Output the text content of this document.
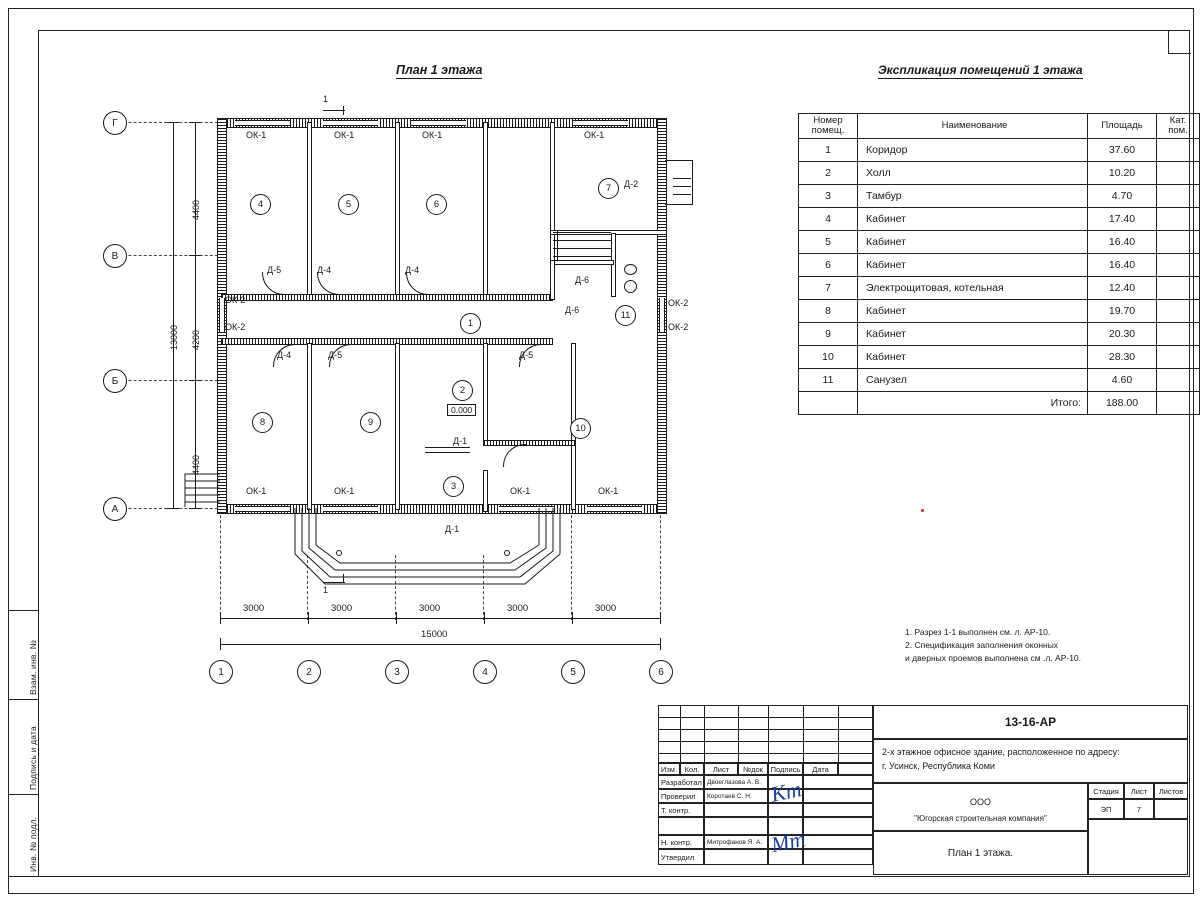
Взам. инв. №
Подпись и дата
Инв. № подл.
План 1 этажа	Экспликация помещений 1 этажа
Номер
помещ.	Наименование	Площадь	Кат.
пом.
1	Коридор	37.60	
2	Холл	10.20	
3	Тамбур	4.70	
4	Кабинет	17.40	
5	Кабинет	16.40	
6	Кабинет	16.40	
7	Электрощитовая, котельная	12.40	
8	Кабинет	19.70	
9	Кабинет	20.30	
10	Кабинет	28.30	
11	Санузел	4.60	
	Итого:	188.00	
1. Разрез 1-1 выполнен см. л. АР-10.
2. Спецификация заполнения оконных
и дверных проемов выполнена см .л. АР-10.
ОК-1	ОК-1	ОК-1	ОК-1
ОК-2
ОК-2
ОК-2
ОК-2
ОК-1	ОК-1	ОК-1	ОК-1
Д-5	Д-4	Д-4
Д-2
Д-6
Д-6
Д-4	Д-5	Д-5
Д-1
Д-1
1
2
3
4	5	6
7
8	9
10
11
0.000
1
1
Г
В
Б
А
1	2	3	4	5	6
3000	3000	3000	3000	3000
15000
4400
4200
4400
13000
Изм.	Кол.	Лист	№док	Подпись	Дата
Разработал Двоеглазова А. В.
Проверил	Коротаев С. Н.
Т. контр.
Н. контр.	Митрофанов Я. А.
Утвердил
Кт
Мт
13-16-АР
2-х этажное офисное здание, расположенное по адресу:
г. Усинск, Республика Коми
ООО
"Югорская строительная компания"
План 1 этажа.
Стадия	Лист	Листов
ЭП	7
